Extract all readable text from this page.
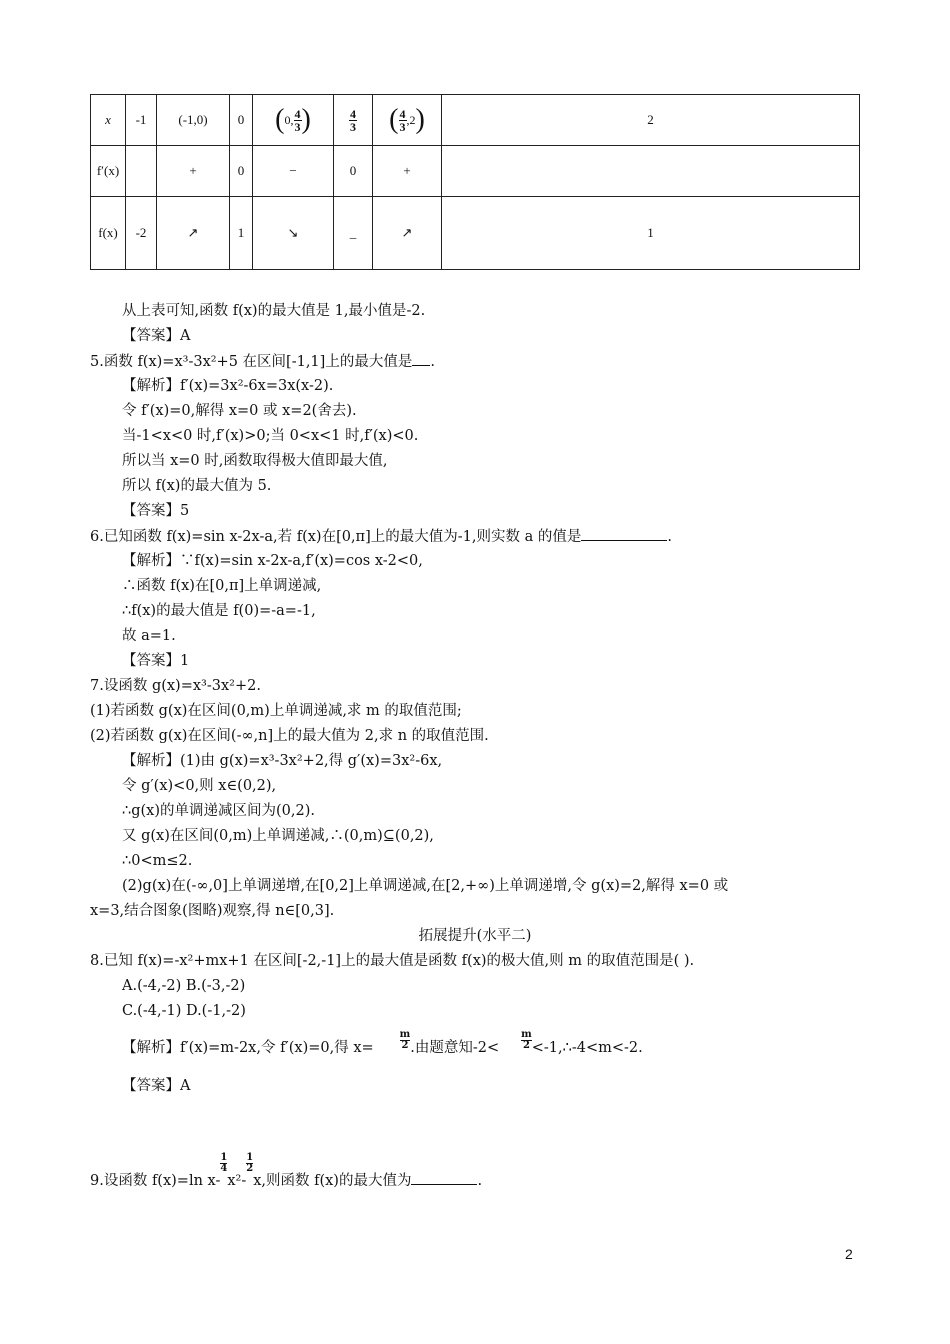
x	-1	(-1,0)	0	(0, $\frac{4}{3}$ )	$\frac{4}{3}$	( $\frac{4}{3} ,2$)	2
f′(x)		+	0	−	0	+	
f(x)	-2	↗	1	↘	_	↗	1
从上表可知,函数 f(x)的最大值是 1,最小值是-2.
【答案】A
5.函数 f(x)=x³-3x²+5 在区间[-1,1]上的最大值是 .
【解析】f′(x)=3x²-6x=3x(x-2).
令 f′(x)=0,解得 x=0 或 x=2(舍去).
当-1<x<0 时,f′(x)>0;当 0<x<1 时,f′(x)<0.
所以当 x=0 时,函数取得极大值即最大值,
所以 f(x)的最大值为 5.
【答案】5
6.已知函数 f(x)=sin x-2x-a,若 f(x)在[0,π]上的最大值为-1,则实数 a 的值是	.
【解析】∵f(x)=sin x-2x-a,f′(x)=cos x-2<0,
∴函数 f(x)在[0,π]上单调递减,
∴f(x)的最大值是 f(0)=-a=-1,
故 a=1.
【答案】1
7.设函数 g(x)=x³-3x²+2.
(1)若函数 g(x)在区间(0,m)上单调递减,求 m 的取值范围;
(2)若函数 g(x)在区间(-∞,n]上的最大值为 2,求 n 的取值范围.
【解析】(1)由 g(x)=x³-3x²+2,得 g′(x)=3x²-6x,
令 g′(x)<0,则 x∈(0,2),
∴g(x)的单调递减区间为(0,2).
又 g(x)在区间(0,m)上单调递减,∴(0,m)⊆(0,2),
∴0<m≤2.
(2)g(x)在(-∞,0]上单调递增,在[0,2]上单调递减,在[2,+∞)上单调递增,令 g(x)=2,解得 x=0 或
x=3,结合图象(图略)观察,得 n∈[0,3].
拓展提升(水平二)
8.已知 f(x)=-x²+mx+1 在区间[-2,-1]上的最大值是函数 f(x)的极大值,则 m 的取值范围是( ).
A.(-4,-2) B.(-3,-2)
C.(-4,-1) D.(-1,-2)
【解析】f′(x)=m-2x,令 f′(x)=0,得 x=	$\frac{m}{2}$.由题意知$-2< \frac{m}{2}<-1,\therefore-4<m<-2$.
【答案】A
9.设函数 f(x)=ln x-
$\frac{1}{4}x^2-$
$\frac{1}{2}x$,则函数 f(x)的最大值为	.
2
